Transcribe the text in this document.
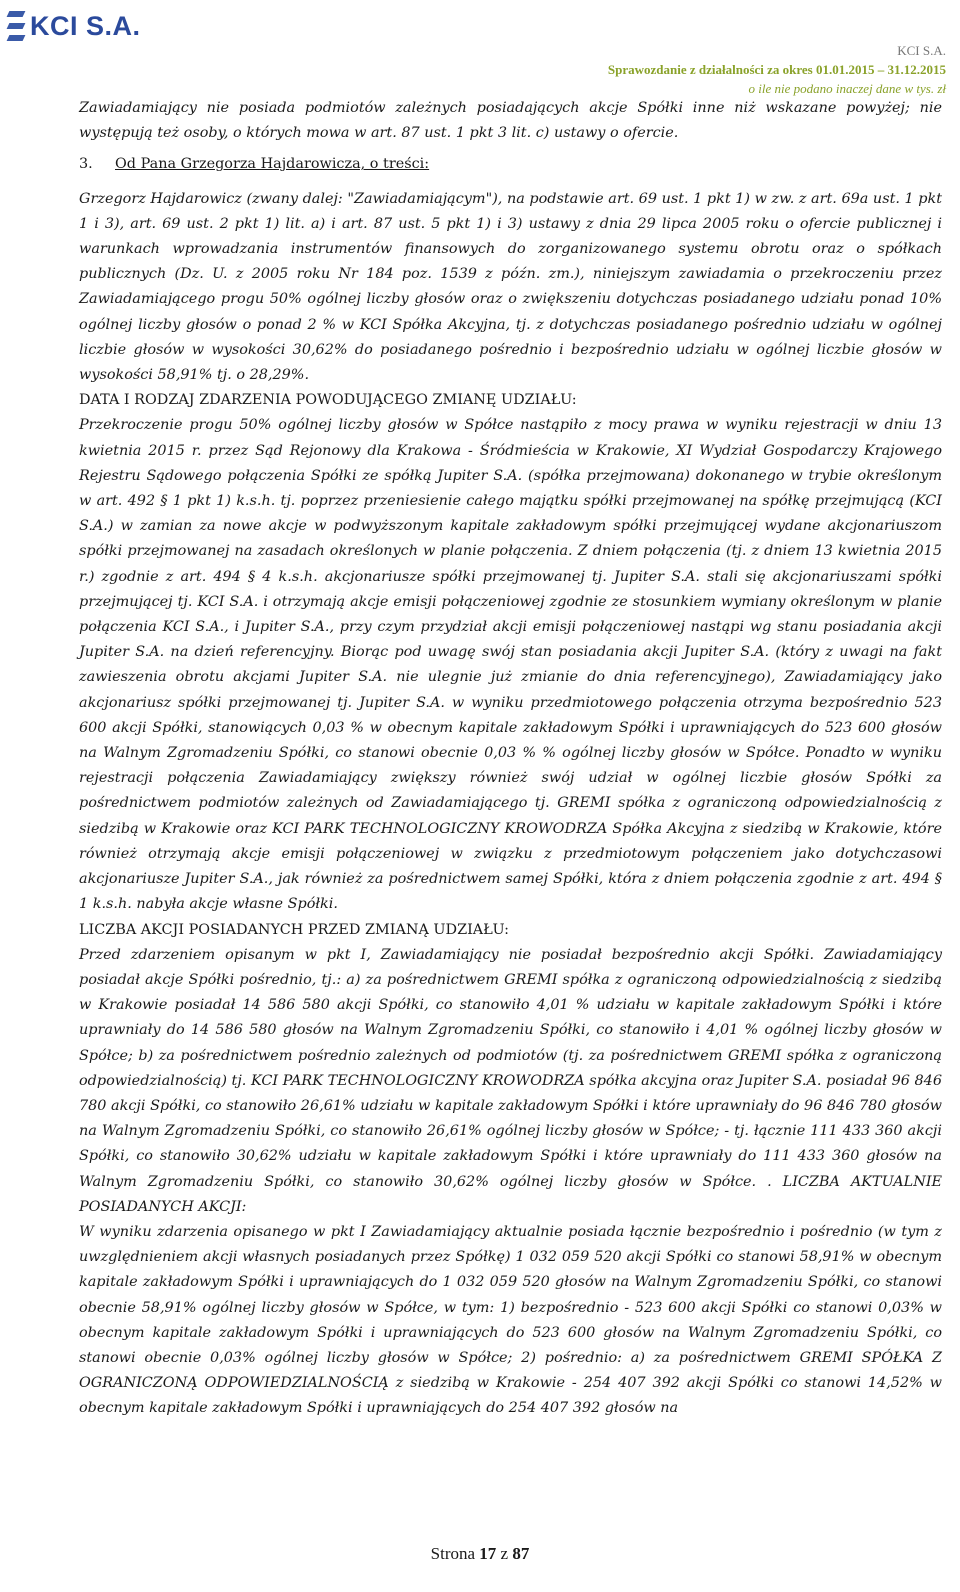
KCI S.A.
KCI S.A.
Sprawozdanie z działalności za okres 01.01.2015 – 31.12.2015
o ile nie podano inaczej dane w tys. zł

Zawiadamiający nie posiada podmiotów zależnych posiadających akcje Spółki inne niż wskazane powyżej; nie występują też osoby, o których mowa w art. 87 ust. 1 pkt 3 lit. c) ustawy o ofercie.

3. Od Pana Grzegorza Hajdarowicza, o treści:

Grzegorz Hajdarowicz (zwany dalej: "Zawiadamiającym"), na podstawie art. 69 ust. 1 pkt 1) w zw. z art. 69a ust. 1 pkt 1 i 3), art. 69 ust. 2 pkt 1) lit. a) i art. 87 ust. 5 pkt 1) i 3) ustawy z dnia 29 lipca 2005 roku o ofercie publicznej i warunkach wprowadzania instrumentów finansowych do zorganizowanego systemu obrotu oraz o spółkach publicznych (Dz. U. z 2005 roku Nr 184 poz. 1539 z późn. zm.), niniejszym zawiadamia o przekroczeniu przez Zawiadamiającego progu 50% ogólnej liczby głosów oraz o zwiększeniu dotychczas posiadanego udziału ponad 10% ogólnej liczby głosów o ponad 2 % w KCI Spółka Akcyjna, tj. z dotychczas posiadanego pośrednio udziału w ogólnej liczbie głosów w wysokości 30,62% do posiadanego pośrednio i bezpośrednio udziału w ogólnej liczbie głosów w wysokości 58,91% tj. o 28,29%.

DATA I RODZAJ ZDARZENIA POWODUJĄCEGO ZMIANĘ UDZIAŁU:

Przekroczenie progu 50% ogólnej liczby głosów w Spółce nastąpiło z mocy prawa w wyniku rejestracji w dniu 13 kwietnia 2015 r. przez Sąd Rejonowy dla Krakowa - Śródmieścia w Krakowie, XI Wydział Gospodarczy Krajowego Rejestru Sądowego połączenia Spółki ze spółką Jupiter S.A. (spółka przejmowana) dokonanego w trybie określonym w art. 492 § 1 pkt 1) k.s.h. tj. poprzez przeniesienie całego majątku spółki przejmowanej na spółkę przejmującą (KCI S.A.) w zamian za nowe akcje w podwyższonym kapitale zakładowym spółki przejmującej wydane akcjonariuszom spółki przejmowanej na zasadach określonych w planie połączenia. Z dniem połączenia (tj. z dniem 13 kwietnia 2015 r.) zgodnie z art. 494 § 4 k.s.h. akcjonariusze spółki przejmowanej tj. Jupiter S.A. stali się akcjonariuszami spółki przejmującej tj. KCI S.A. i otrzymają akcje emisji połączeniowej zgodnie ze stosunkiem wymiany określonym w planie połączenia KCI S.A., i Jupiter S.A., przy czym przydział akcji emisji połączeniowej nastąpi wg stanu posiadania akcji Jupiter S.A. na dzień referencyjny. Biorąc pod uwagę swój stan posiadania akcji Jupiter S.A. (który z uwagi na fakt zawieszenia obrotu akcjami Jupiter S.A. nie ulegnie już zmianie do dnia referencyjnego), Zawiadamiający jako akcjonariusz spółki przejmowanej tj. Jupiter S.A. w wyniku przedmiotowego połączenia otrzyma bezpośrednio 523 600 akcji Spółki, stanowiących 0,03 % w obecnym kapitale zakładowym Spółki i uprawniających do 523 600 głosów na Walnym Zgromadzeniu Spółki, co stanowi obecnie 0,03 % % ogólnej liczby głosów w Spółce. Ponadto w wyniku rejestracji połączenia Zawiadamiający zwiększy również swój udział w ogólnej liczbie głosów Spółki za pośrednictwem podmiotów zależnych od Zawiadamiającego tj. GREMI spółka z ograniczoną odpowiedzialnością z siedzibą w Krakowie oraz KCI PARK TECHNOLOGICZNY KROWODRZA Spółka Akcyjna z siedzibą w Krakowie, które również otrzymają akcje emisji połączeniowej w związku z przedmiotowym połączeniem jako dotychczasowi akcjonariusze Jupiter S.A., jak również za pośrednictwem samej Spółki, która z dniem połączenia zgodnie z art. 494 § 1 k.s.h. nabyła akcje własne Spółki.

LICZBA AKCJI POSIADANYCH PRZED ZMIANĄ UDZIAŁU:

Przed zdarzeniem opisanym w pkt I, Zawiadamiający nie posiadał bezpośrednio akcji Spółki. Zawiadamiający posiadał akcje Spółki pośrednio, tj.: a) za pośrednictwem GREMI spółka z ograniczoną odpowiedzialnością z siedzibą w Krakowie posiadał 14 586 580 akcji Spółki, co stanowiło 4,01 % udziału w kapitale zakładowym Spółki i które uprawniały do 14 586 580 głosów na Walnym Zgromadzeniu Spółki, co stanowiło i 4,01 % ogólnej liczby głosów w Spółce; b) za pośrednictwem pośrednio zależnych od podmiotów (tj. za pośrednictwem GREMI spółka z ograniczoną odpowiedzialnością) tj. KCI PARK TECHNOLOGICZNY KROWODRZA spółka akcyjna oraz Jupiter S.A. posiadał 96 846 780 akcji Spółki, co stanowiło 26,61% udziału w kapitale zakładowym Spółki i które uprawniały do 96 846 780 głosów na Walnym Zgromadzeniu Spółki, co stanowiło 26,61% ogólnej liczby głosów w Spółce; - tj. łącznie 111 433 360 akcji Spółki, co stanowiło 30,62% udziału w kapitale zakładowym Spółki i które uprawniały do 111 433 360 głosów na Walnym Zgromadzeniu Spółki, co stanowiło 30,62% ogólnej liczby głosów w Spółce. . LICZBA AKTUALNIE POSIADANYCH AKCJI:

W wyniku zdarzenia opisanego w pkt I Zawiadamiający aktualnie posiada łącznie bezpośrednio i pośrednio (w tym z uwzględnieniem akcji własnych posiadanych przez Spółkę) 1 032 059 520 akcji Spółki co stanowi 58,91% w obecnym kapitale zakładowym Spółki i uprawniających do 1 032 059 520 głosów na Walnym Zgromadzeniu Spółki, co stanowi obecnie 58,91% ogólnej liczby głosów w Spółce, w tym: 1) bezpośrednio - 523 600 akcji Spółki co stanowi 0,03% w obecnym kapitale zakładowym Spółki i uprawniających do 523 600 głosów na Walnym Zgromadzeniu Spółki, co stanowi obecnie 0,03% ogólnej liczby głosów w Spółce; 2) pośrednio: a) za pośrednictwem GREMI SPÓŁKA Z OGRANICZONĄ ODPOWIEDZIALNOŚCIĄ z siedzibą w Krakowie - 254 407 392 akcji Spółki co stanowi 14,52% w obecnym kapitale zakładowym Spółki i uprawniających do 254 407 392 głosów na

Strona 17 z 87
